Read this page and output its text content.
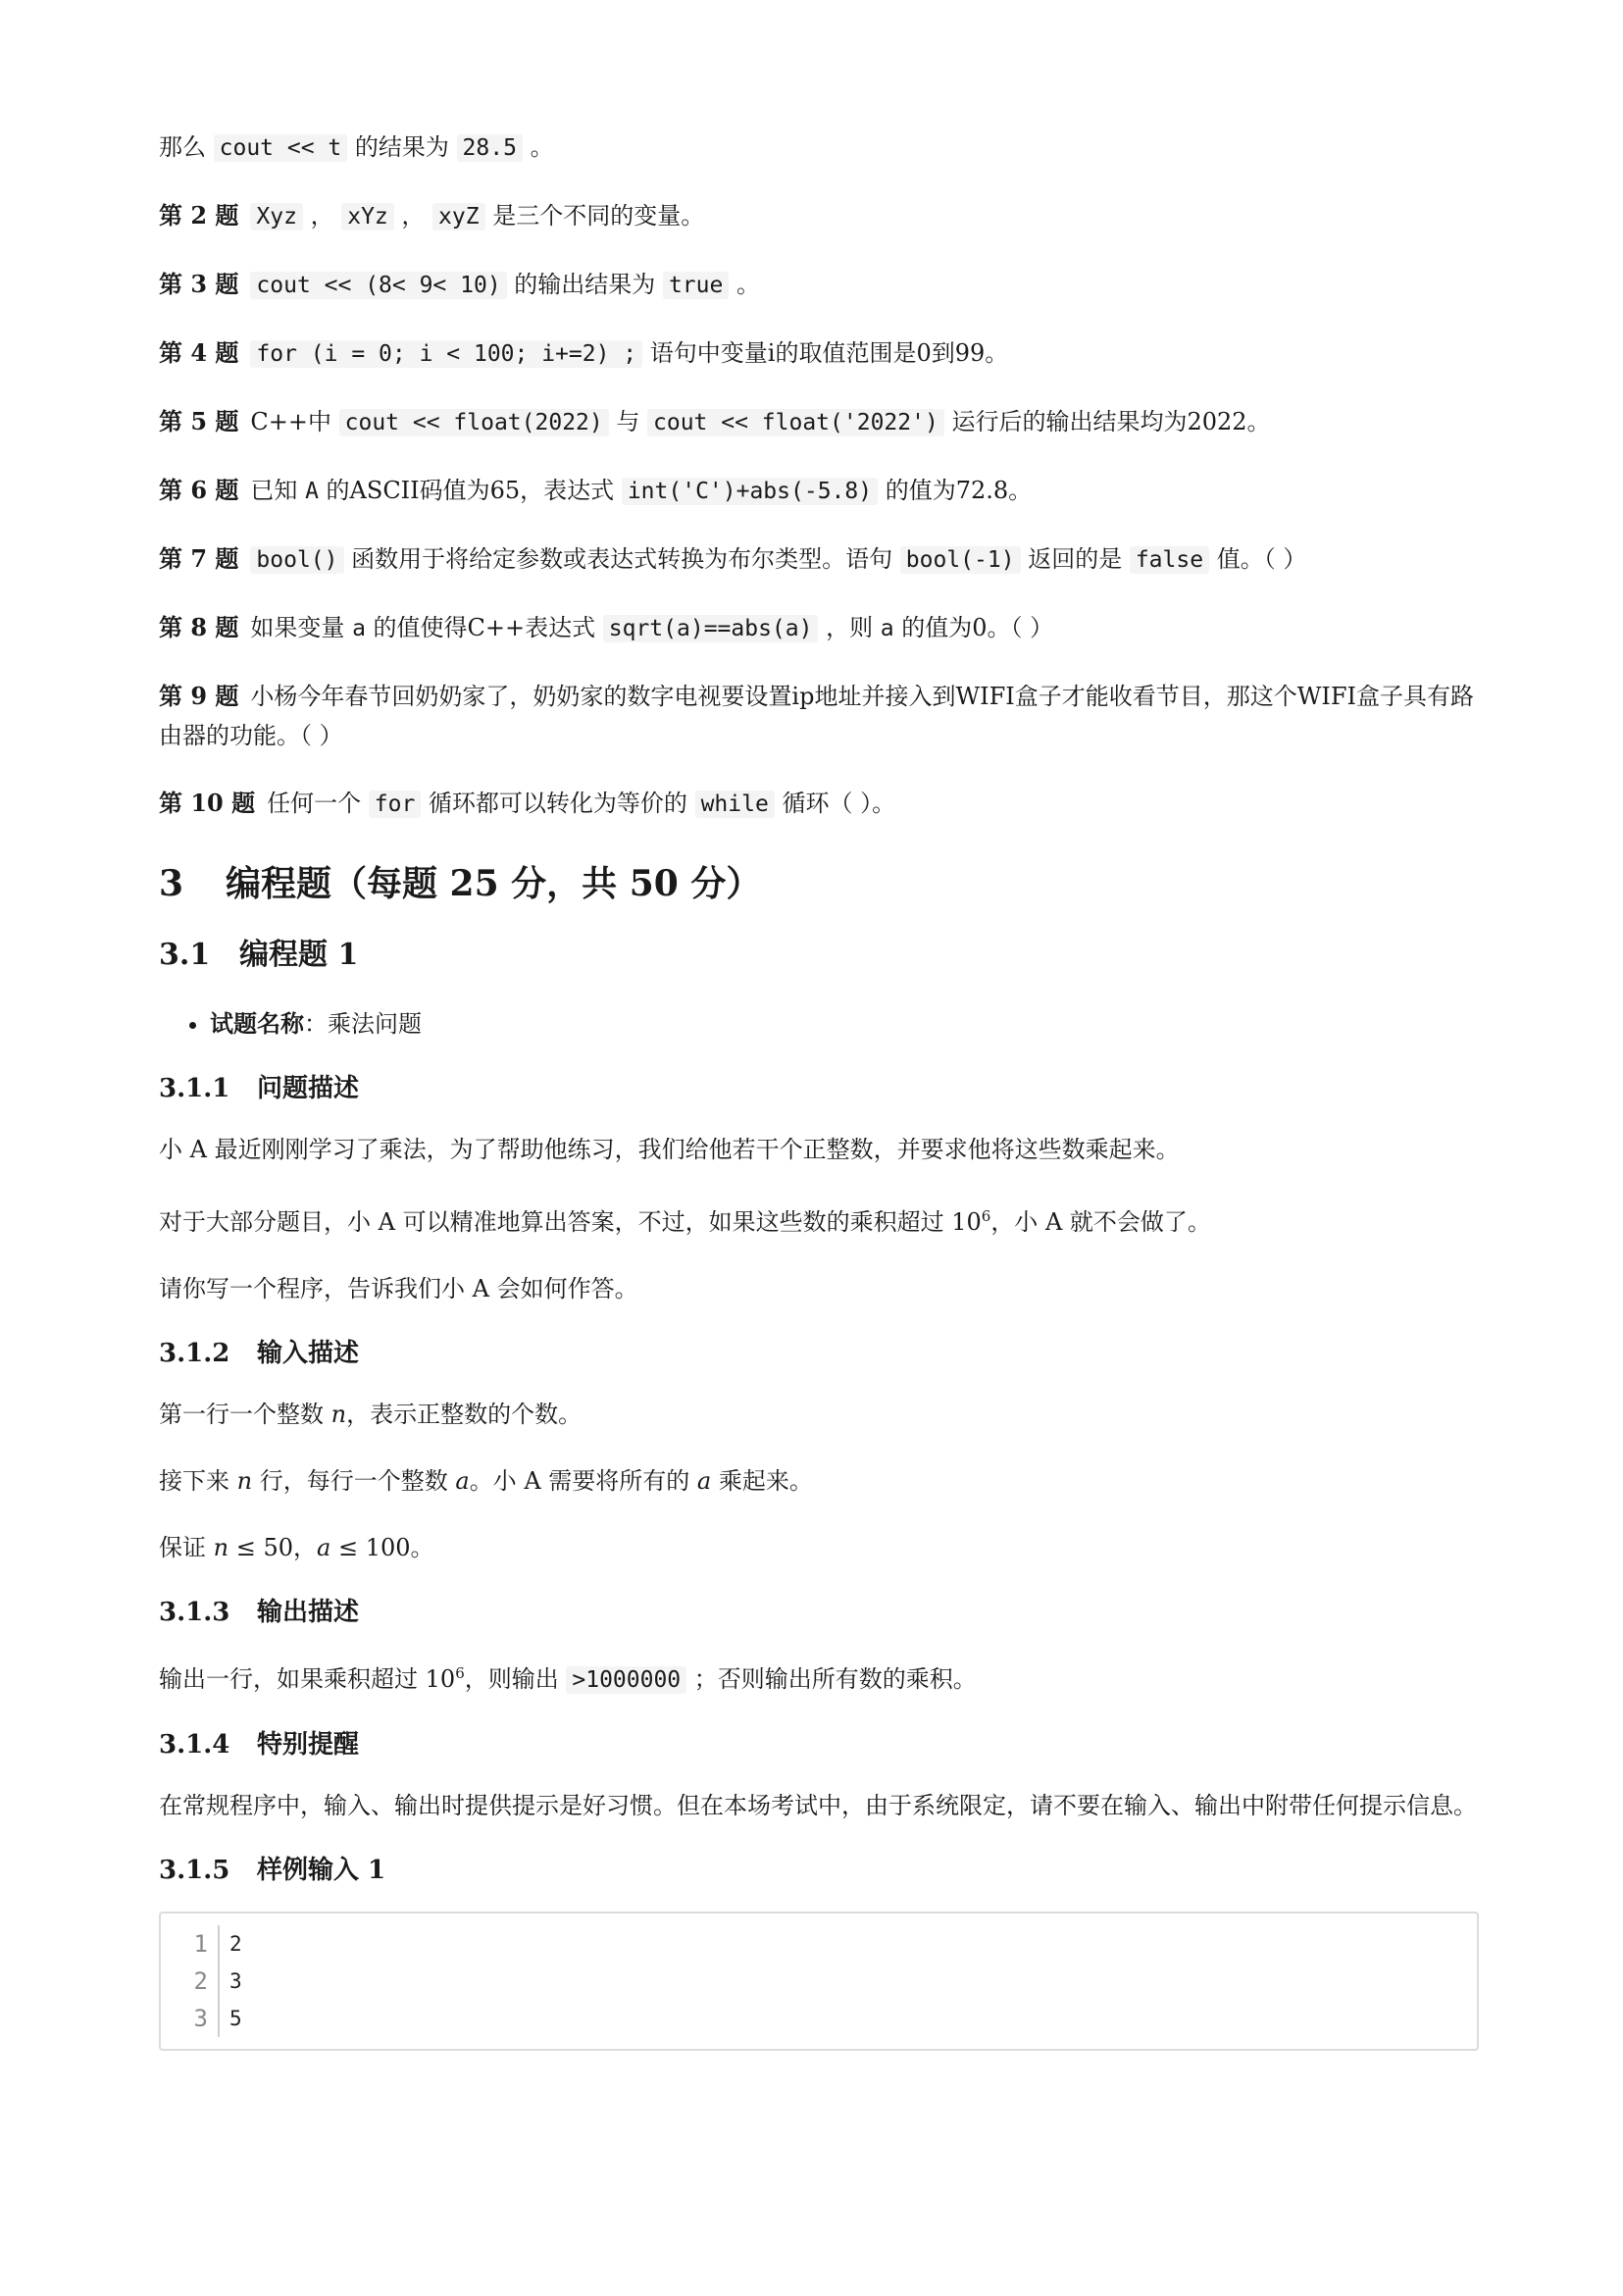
那么 cout << t 的结果为 28.5 。

第 2 题 Xyz ， xYz ， xyZ 是三个不同的变量。

第 3 题 cout << (8< 9< 10) 的输出结果为 true 。

第 4 题 for (i = 0; i < 100; i+=2) ; 语句中变量i的取值范围是0到99。

第 5 题 C++中 cout << float(2022) 与 cout << float('2022') 运行后的输出结果均为2022。

第 6 题 已知 A 的ASCII码值为65，表达式 int('C')+abs(-5.8) 的值为72.8。

第 7 题 bool() 函数用于将给定参数或表达式转换为布尔类型。语句 bool(-1) 返回的是 false 值。（ ）

第 8 题 如果变量 a 的值使得C++表达式 sqrt(a)==abs(a) ，则 a 的值为0。（ ）

第 9 题 小杨今年春节回奶奶家了，奶奶家的数字电视要设置ip地址并接入到WIFI盒子才能收看节目，那这个WIFI盒子具有路由器的功能。（ ）

第 10 题 任何一个 for 循环都可以转化为等价的 while 循环（ ）。

3 编程题（每题 25 分，共 50 分）
3.1 编程题 1
• 试题名称：乘法问题
3.1.1 问题描述

小 A 最近刚刚学习了乘法，为了帮助他练习，我们给他若干个正整数，并要求他将这些数乘起来。

对于大部分题目，小 A 可以精准地算出答案，不过，如果这些数的乘积超过 $10^6$，小 A 就不会做了。

请你写一个程序，告诉我们小 A 会如何作答。

3.1.2 输入描述

第一行一个整数 n，表示正整数的个数。

接下来 n 行，每行一个整数 a。小 A 需要将所有的 a 乘起来。

保证 n ≤ 50，a ≤ 100。

3.1.3 输出描述

输出一行，如果乘积超过 $10^6$，则输出 >1000000 ；否则输出所有数的乘积。

3.1.4 特别提醒

在常规程序中，输入、输出时提供提示是好习惯。但在本场考试中，由于系统限定，请不要在输入、输出中附带任何提示信息。

3.1.5 样例输入 1
1	2
2	3
3	5
